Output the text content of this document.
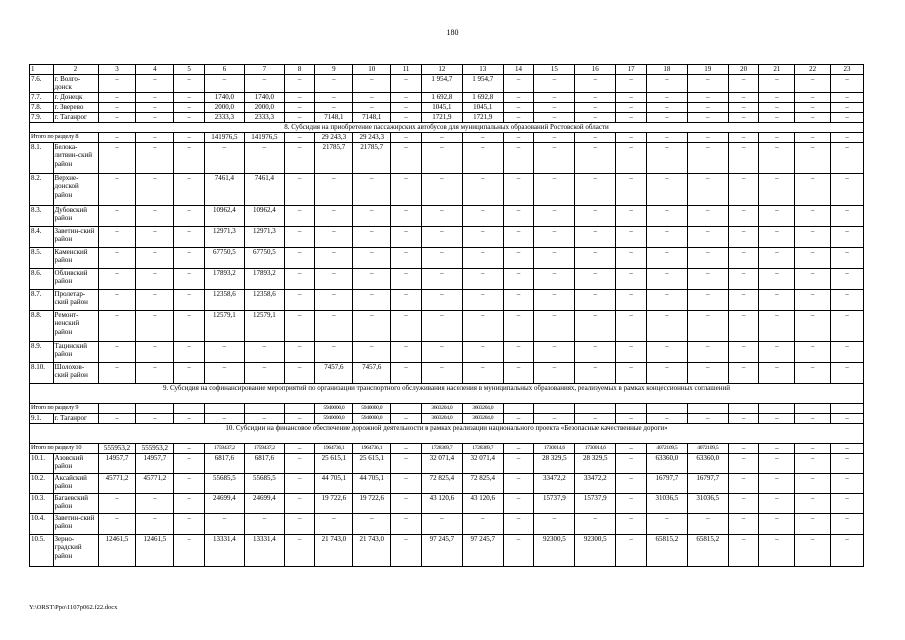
180
1	2	3	4	5	6	7	8	9	10	11	12	13	14	15	16	17	18	19	20	21	22	23
7.6.	г. Волго-донск	–	–	–	–	–	–	–	–	–	1 954,7	1 954,7	–	–	–	–	–	–	–	–	–	–
7.7.	г. Донецк	–	–	–	1740,0	1740,0	–	–	–	–	1 692,8	1 692,8	–	–	–	–	–	–	–	–	–	–
7.8.	г. Зверево	–	–	–	2000,0	2000,0	–	–	–	–	1045,1	1045,1	–	–	–	–	–	–	–	–	–	–
7.9.	г. Таганрог	–	–	–	2333,3	2333,3	–	7148,1	7148,1	–	1721,9	1721,9	–	–	–	–	–	–	–	–	–	–
8. Субсидия на приобретение пассажирских автобусов для муниципальных образований Ростовской области																						
Итого по разделу 8		–	–	–	141976,5	141976,5	–	29 243,3	29 243,3	–	–	–	–	–	–	–	–	–	–	–	–	–
8.1.	Белока-литвин-ский район	–	–	–	–	–	–	21785,7	21785,7	–	–	–	–	–	–	–	–	–	–	–	–	–
8.2.	Верхне-донской район	–	–	–	7461,4	7461,4	–	–	–	–	–	–	–	–	–	–	–	–	–	–	–	–
8.3.	Дубовский район	–	–	–	10962,4	10962,4	–	–	–	–	–	–	–	–	–	–	–	–	–	–	–	–
8.4.	Заветин-ский район	–	–	–	12971,3	12971,3	–	–	–	–	–	–	–	–	–	–	–	–	–	–	–	–
8.5.	Каменский район	–	–	–	67750,5	67750,5	–	–	–	–	–	–	–	–	–	–	–	–	–	–	–	–
8.6.	Обливский район	–	–	–	17893,2	17893,2	–	–	–	–	–	–	–	–	–	–	–	–	–	–	–	–
8.7.	Пролетар-ский район	–	–	–	12358,6	12358,6	–	–	–	–	–	–	–	–	–	–	–	–	–	–	–	–
8.8.	Ремонт-ненский район	–	–	–	12579,1	12579,1	–	–	–	–	–	–	–	–	–	–	–	–	–	–	–	–
8.9.	Тацинский район	–	–	–	–	–	–	–	–	–	–	–	–	–	–	–	–	–	–	–	–	–
8.10.	Шолохов-ский район	–	–	–	–	–	–	7457,6	7457,6	–	–	–	–	–	–	–	–	–	–	–	–	–
9. Субсидия на софинансирование мероприятий по организации транспортного обслуживания населения в муниципальных образованиях, реализуемых в рамках концессионных соглашений																						
Итого по разделу 9								5940000,0	5940000,0		3603204,0	3603204,0										
9.1.	г. Таганрог	–	–	–	–	–	–	5940000,0	5940000,0	–	3603204,0	3603204,0	–	–	–	–	–	–	–	–	–	–
10. Субсидии на финансовое обеспечение дорожной деятельности в рамках реализации национального проекта «Безопасные качественные дороги»																						
Итого по разделу 10		555953,2	555953,2	–	1759437,2	1759437,2	–	1964736,1	1964736,1	–	1728369,7	1728369,7	–	1730014,6	1730014,6	–	4072109,5	4072109,5	–	–	–	–
10.1.	Азовский район	14957,7	14957,7	–	6817,6	6817,6	–	25 615,1	25 615,1	–	32 071,4	32 071,4	–	28 329,5	28 329,5	–	63360,0	63360,0	–	–	–	–
10.2.	Аксайский район	45771,2	45771,2	–	55685,5	55685,5	–	44 705,1	44 705,1	–	72 825,4	72 825,4	–	33472,2	33472,2	–	16797,7	16797,7	–	–	–	–
10.3.	Багаевский район	–	–	–	24699,4	24699,4	–	19 722,6	19 722,6	–	43 120,6	43 120,6	–	15737,9	15737,9	–	31036,5	31036,5	–	–	–	–
10.4.	Заветин-ский район	–	–	–	–	–	–	–	–	–	–	–	–	–	–	–	–	–	–	–	–	–
10.5.	Зерно-градский район	12461,5	12461,5	–	13331,4	13331,4	–	21 743,0	21 743,0	–	97 245,7	97 245,7	–	92300,5	92300,5	–	65815,2	65815,2	–	–	–	–
Y:\ORST\Ppo\1107p062.f22.docx
